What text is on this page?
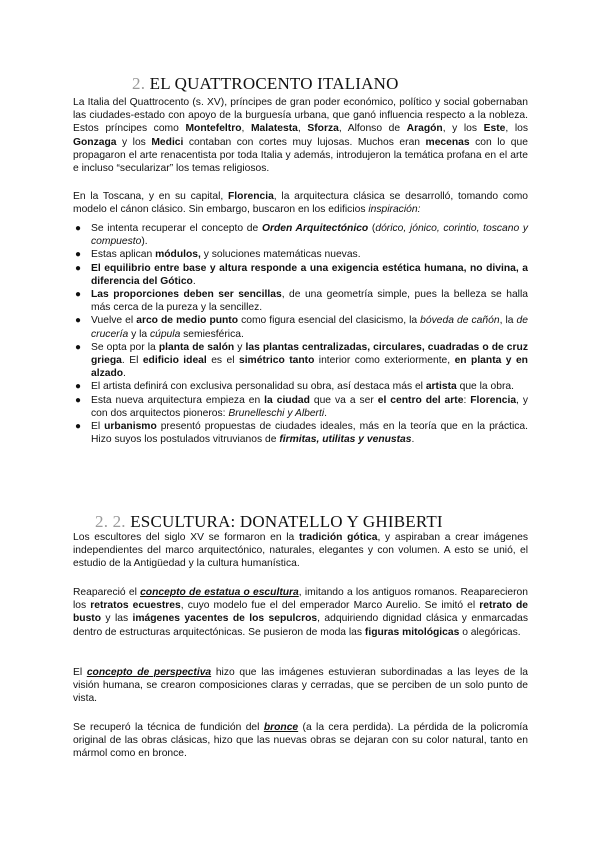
2. EL QUATTROCENTO ITALIANO

La Italia del Quattrocento (s. XV), príncipes de gran poder económico, político y social gobernaban las ciudades-estado con apoyo de la burguesía urbana, que ganó influencia respecto a la nobleza. Estos príncipes como Montefeltro, Malatesta, Sforza, Alfonso de Aragón, y los Este, los Gonzaga y los Medici contaban con cortes muy lujosas. Muchos eran mecenas con lo que propagaron el arte renacentista por toda Italia y además, introdujeron la temática profana en el arte e incluso “secularizar” los temas religiosos.

En la Toscana, y en su capital, Florencia, la arquitectura clásica se desarrolló, tomando como modelo el cánon clásico. Sin embargo, buscaron en los edificios inspiración:

● Se intenta recuperar el concepto de Orden Arquitectónico (dórico, jónico, corintio, toscano y compuesto).
● Estas aplican módulos, y soluciones matemáticas nuevas.
● El equilibrio entre base y altura responde a una exigencia estética humana, no divina, a diferencia del Gótico.
● Las proporciones deben ser sencillas, de una geometría simple, pues la belleza se halla más cerca de la pureza y la sencillez.
● Vuelve el arco de medio punto como figura esencial del clasicismo, la bóveda de cañón, la de crucería y la cúpula semiesférica.
● Se opta por la planta de salón y las plantas centralizadas, circulares, cuadradas o de cruz griega. El edificio ideal es el simétrico tanto interior como exteriormente, en planta y en alzado.
● El artista definirá con exclusiva personalidad su obra, así destaca más el artista que la obra.
● Esta nueva arquitectura empieza en la ciudad que va a ser el centro del arte: Florencia, y con dos arquitectos pioneros: Brunelleschi y Alberti.
● El urbanismo presentó propuestas de ciudades ideales, más en la teoría que en la práctica. Hizo suyos los postulados vitruvianos de firmitas, utilitas y venustas.
2. 2. ESCULTURA: DONATELLO Y GHIBERTI

Los escultores del siglo XV se formaron en la tradición gótica, y aspiraban a crear imágenes independientes del marco arquitectónico, naturales, elegantes y con volumen. A esto se unió, el estudio de la Antigüedad y la cultura humanística.

Reapareció el concepto de estatua o escultura, imitando a los antiguos romanos. Reaparecieron los retratos ecuestres, cuyo modelo fue el del emperador Marco Aurelio. Se imitó el retrato de busto y las imágenes yacentes de los sepulcros, adquiriendo dignidad clásica y enmarcadas dentro de estructuras arquitectónicas. Se pusieron de moda las figuras mitológicas o alegóricas.

El concepto de perspectiva hizo que las imágenes estuvieran subordinadas a las leyes de la visión humana, se crearon composiciones claras y cerradas, que se perciben de un solo punto de vista.

Se recuperó la técnica de fundición del bronce (a la cera perdida). La pérdida de la policromía original de las obras clásicas, hizo que las nuevas obras se dejaran con su color natural, tanto en mármol como en bronce.
